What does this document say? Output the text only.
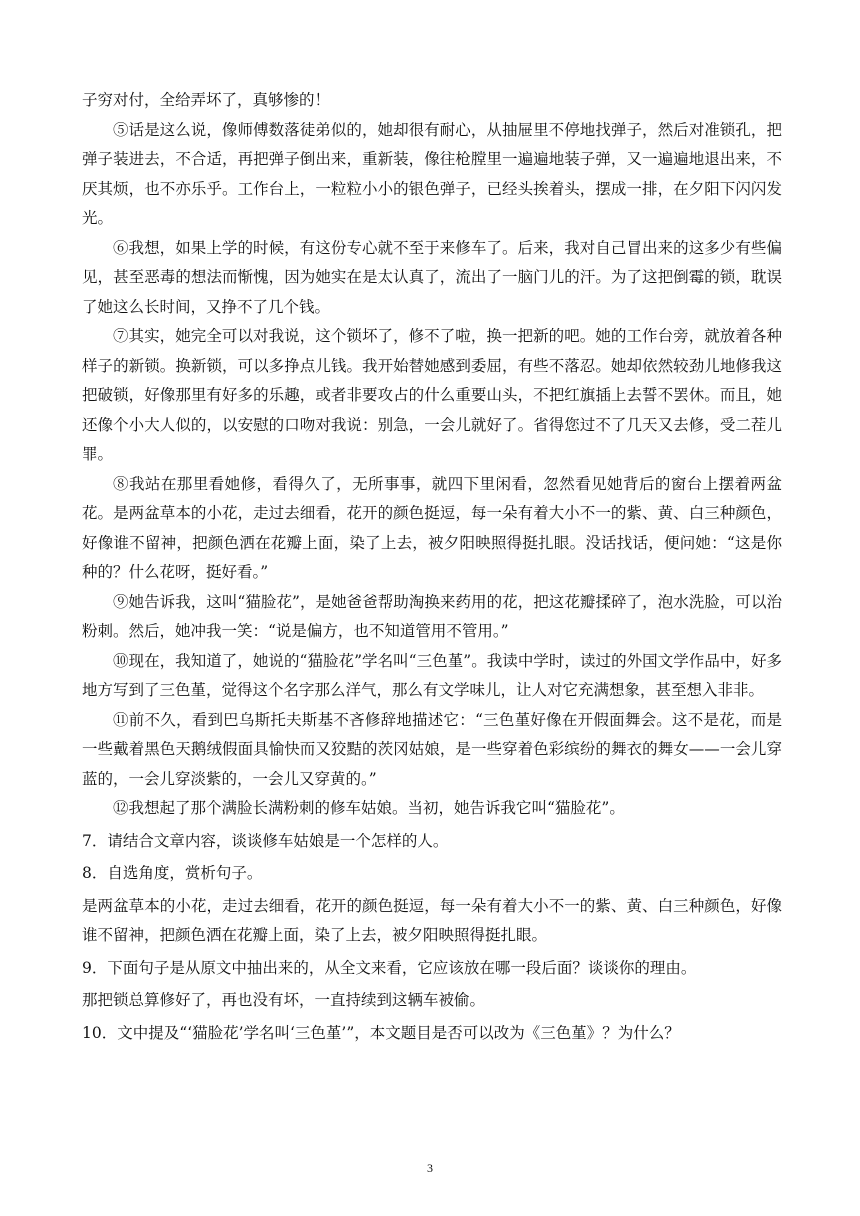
子穷对付，全给弄坏了，真够惨的！

⑤话是这么说，像师傅数落徒弟似的，她却很有耐心，从抽屉里不停地找弹子，然后对准锁孔，把弹子装进去，不合适，再把弹子倒出来，重新装，像往枪膛里一遍遍地装子弹，又一遍遍地退出来，不厌其烦，也不亦乐乎。工作台上，一粒粒小小的银色弹子，已经头挨着头，摆成一排，在夕阳下闪闪发光。

⑥我想，如果上学的时候，有这份专心就不至于来修车了。后来，我对自己冒出来的这多少有些偏见，甚至恶毒的想法而惭愧，因为她实在是太认真了，流出了一脑门儿的汗。为了这把倒霉的锁，耽误了她这么长时间，又挣不了几个钱。

⑦其实，她完全可以对我说，这个锁坏了，修不了啦，换一把新的吧。她的工作台旁，就放着各种样子的新锁。换新锁，可以多挣点儿钱。我开始替她感到委屈，有些不落忍。她却依然较劲儿地修我这把破锁，好像那里有好多的乐趣，或者非要攻占的什么重要山头，不把红旗插上去誓不罢休。而且，她还像个小大人似的，以安慰的口吻对我说：别急，一会儿就好了。省得您过不了几天又去修，受二茬儿罪。

⑧我站在那里看她修，看得久了，无所事事，就四下里闲看，忽然看见她背后的窗台上摆着两盆花。是两盆草本的小花，走过去细看，花开的颜色挺逗，每一朵有着大小不一的紫、黄、白三种颜色，好像谁不留神，把颜色洒在花瓣上面，染了上去，被夕阳映照得挺扎眼。没话找话，便问她：“这是你种的？什么花呀，挺好看。”

⑨她告诉我，这叫“猫脸花”，是她爸爸帮助淘换来药用的花，把这花瓣揉碎了，泡水洗脸，可以治粉刺。然后，她冲我一笑：“说是偏方，也不知道管用不管用。”

⑩现在，我知道了，她说的“猫脸花”学名叫“三色堇”。我读中学时，读过的外国文学作品中，好多地方写到了三色堇，觉得这个名字那么洋气，那么有文学味儿，让人对它充满想象，甚至想入非非。

⑪前不久，看到巴乌斯托夫斯基不吝修辞地描述它：“三色堇好像在开假面舞会。这不是花，而是一些戴着黑色天鹅绒假面具愉快而又狡黠的茨冈姑娘，是一些穿着色彩缤纷的舞衣的舞女——一会儿穿蓝的，一会儿穿淡紫的，一会儿又穿黄的。”

⑫我想起了那个满脸长满粉刺的修车姑娘。当初，她告诉我它叫“猫脸花”。

7．请结合文章内容，谈谈修车姑娘是一个怎样的人。

8．自选角度，赏析句子。

是两盆草本的小花，走过去细看，花开的颜色挺逗，每一朵有着大小不一的紫、黄、白三种颜色，好像谁不留神，把颜色洒在花瓣上面，染了上去，被夕阳映照得挺扎眼。

9．下面句子是从原文中抽出来的，从全文来看，它应该放在哪一段后面？谈谈你的理由。

那把锁总算修好了，再也没有坏，一直持续到这辆车被偷。

10．文中提及“‘猫脸花’学名叫‘三色堇’”，本文题目是否可以改为《三色堇》？为什么？

3
